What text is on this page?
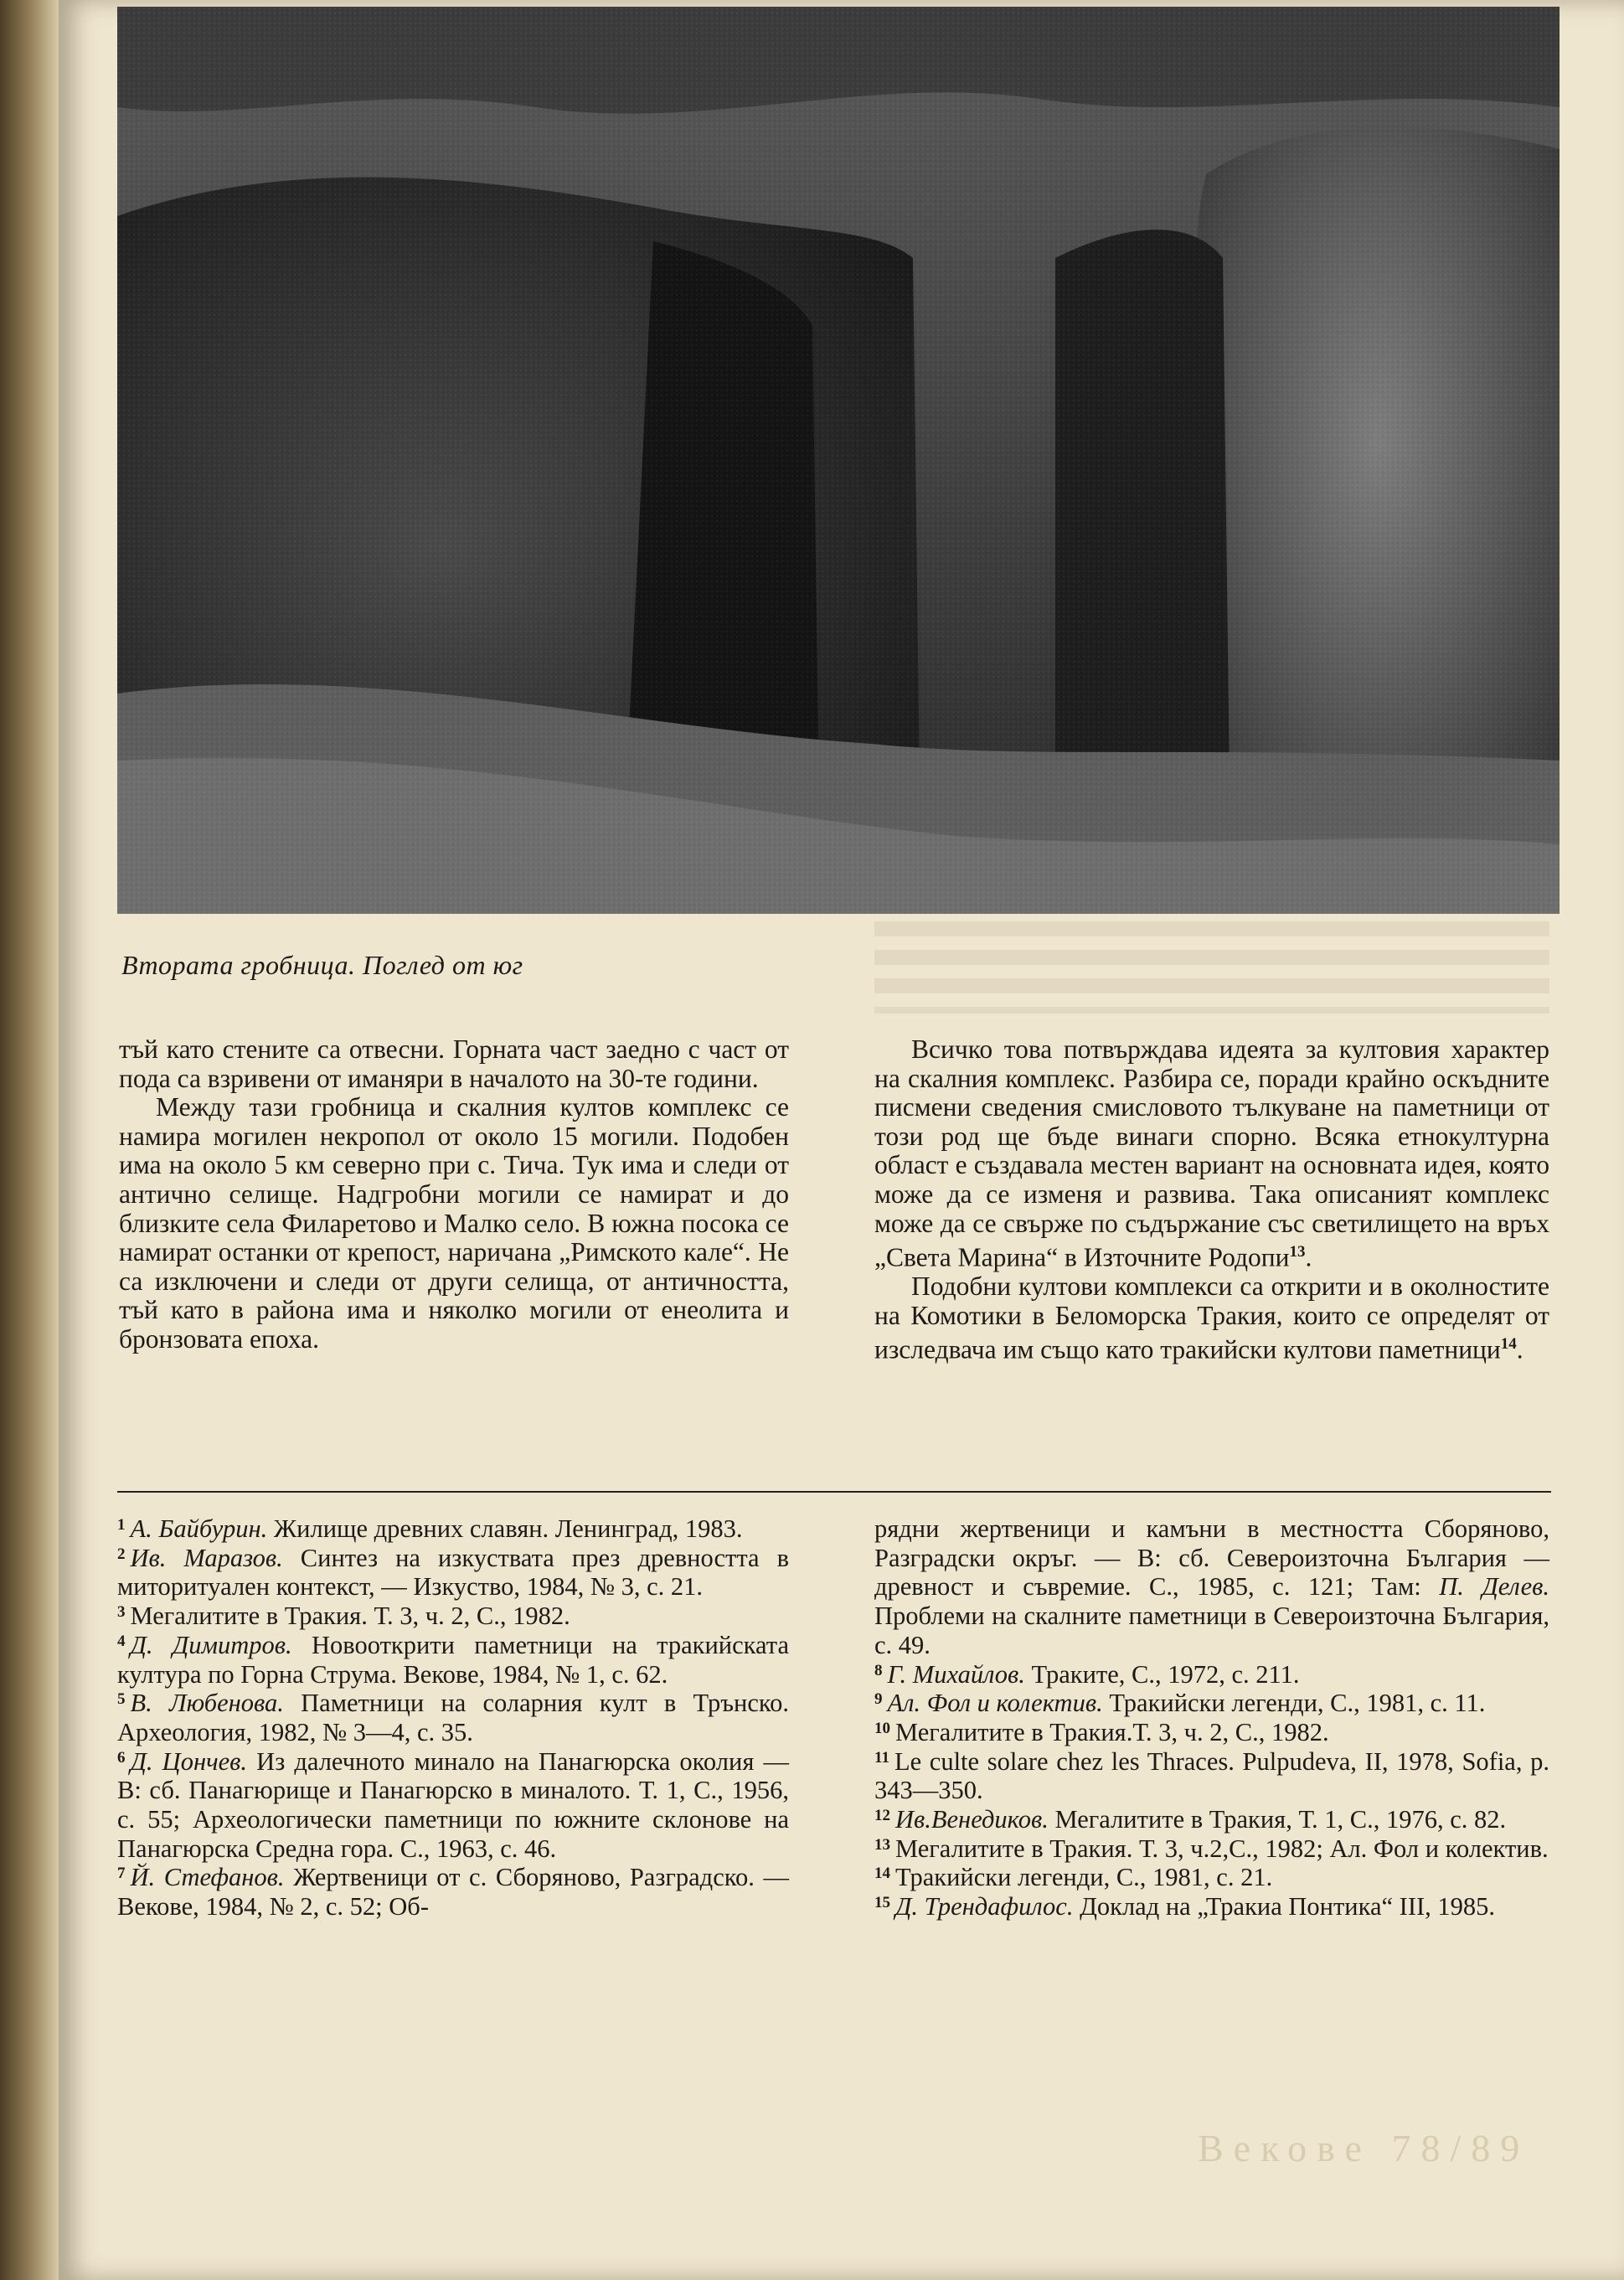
Втората гробница. Поглед от юг

тъй като стените са отвесни. Горната част заедно с част от пода са взривени от иманяри в началото на 30-те години.

Между тази гробница и скалния култов комплекс се намира могилен некропол от около 15 могили. Подобен има на около 5 км северно при с. Тича. Тук има и следи от антично селище. Надгробни могили се намират и до близките села Филаретово и Малко село. В южна посока се намират останки от крепост, наричана „Римското кале“. Не са изключени и следи от други селища, от античността, тъй като в района има и няколко могили от енеолита и бронзовата епоха.

Всичко това потвърждава идеята за култовия характер на скалния комплекс. Разбира се, поради крайно оскъдните писмени сведения смисловото тълкуване на паметници от този род ще бъде винаги спорно. Всяка етнокултурна област е създавала местен вариант на основната идея, която може да се изменя и развива. Така описаният комплекс може да се свърже по съдържание със светилището на връх „Света Марина“ в Източните Родопи$^{13}$.

Подобни култови комплекси са открити и в околностите на Комотики в Беломорска Тракия, които се определят от изследвача им също като тракийски култови паметници$^{14}$.

$^1$ А. Байбурин. Жилище древних славян. Ленинград, 1983.

$^2$ Ив. Маразов. Синтез на изкуствата през древността в миторитуален контекст, — Изкуство, 1984, № 3, с. 21.

$^3$ Мегалитите в Тракия. Т. 3, ч. 2, С., 1982.

$^4$ Д. Димитров. Новооткрити паметници на тракийската култура по Горна Струма. Векове, 1984, № 1, с. 62.

$^5$ В. Любенова. Паметници на соларния култ в Трънско. Археология, 1982, № 3—4, с. 35.

$^6$ Д. Цончев. Из далечното минало на Панагюрска околия — В: сб. Панагюрище и Панагюрско в миналото. Т. 1, С., 1956, с. 55; Археологически паметници по южните склонове на Панагюрска Средна гора. С., 1963, с. 46.

$^7$ Й. Стефанов. Жертвеници от с. Сборяново, Разградско. — Векове, 1984, № 2, с. 52; Об-

рядни жертвеници и камъни в местността Сборяново, Разградски окръг. — В: сб. Североизточна България — древност и съвремие. С., 1985, с. 121; Там: П. Делев. Проблеми на скалните паметници в Североизточна България, с. 49.

$^8$ Г. Михайлов. Траките, С., 1972, с. 211.

$^9$ Ал. Фол и колектив. Тракийски легенди, С., 1981, с. 11.

$^{10}$ Мегалитите в Тракия.Т. 3, ч. 2, С., 1982.

$^{11}$ Le culte solare chez les Thraces. Pulpudeva, II, 1978, Sofia, p. 343—350.

$^{12}$ Ив.Венедиков. Мегалитите в Тракия, Т. 1, С., 1976, с. 82.

$^{13}$ Мегалитите в Тракия. Т. 3, ч.2,С., 1982; Ал. Фол и колектив.

$^{14}$ Тракийски легенди, С., 1981, с. 21.

$^{15}$ Д. Трендафилос. Доклад на „Тракиа Понтика“ III, 1985.

Векове 78/89
